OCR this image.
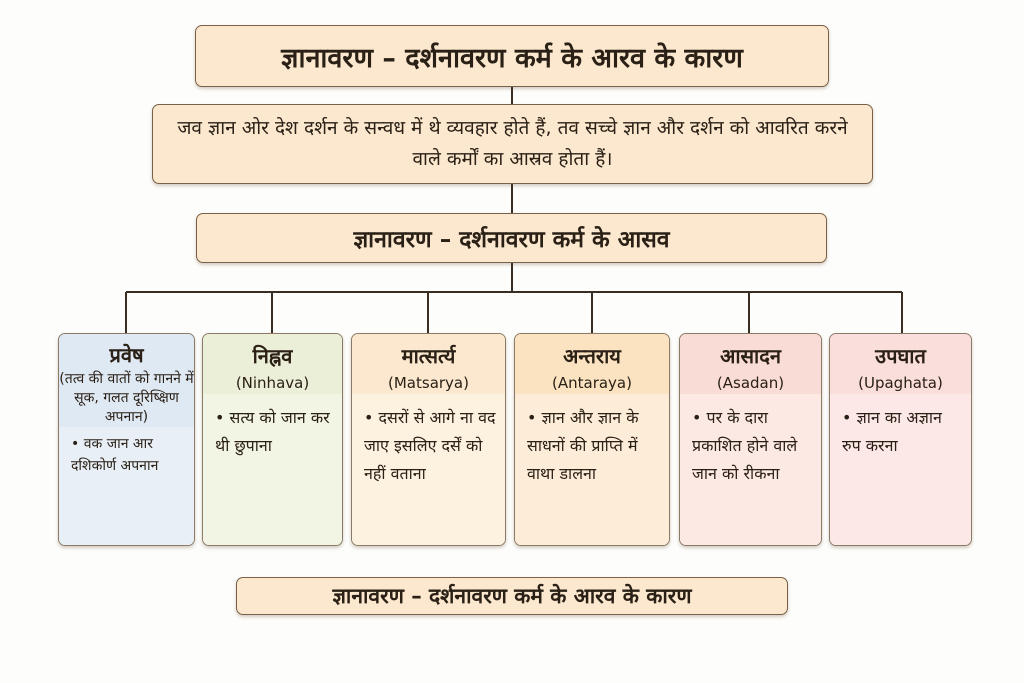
ज्ञानावरण – दर्शनावरण कर्म के आरव के कारण
जव ज्ञान ओर देश दर्शन के सन्वध में थे व्यवहार होते हैं, तव सच्चे ज्ञान और दर्शन को आवरित करने वाले कर्मों का आस्रव होता हैं।
ज्ञानावरण – दर्शनावरण कर्म के आसव
प्रवेष
(तत्व की वातों को गानने में सूक, गलत दूरिष्क्षिण अपनान)
• वक जान आर दशिकोर्ण अपनान
निह्नव
(Ninhava)
• सत्य को जान कर थी छुपाना
मात्सर्त्य
(Matsarya)
• दसरों से आगे ना वद जाए इसलिए दर्सें को नहीं वताना
अन्तराय
(Antaraya)
• ज्ञान और ज्ञान के साधनों की प्राप्ति में वाथा डालना
आसादन
(Asadan)
• पर के दारा प्रकाशित होने वाले जान को रीकना
उपघात
(Upaghata)
• ज्ञान का अज्ञान रुप करना
ज्ञानावरण – दर्शनावरण कर्म के आरव के कारण
